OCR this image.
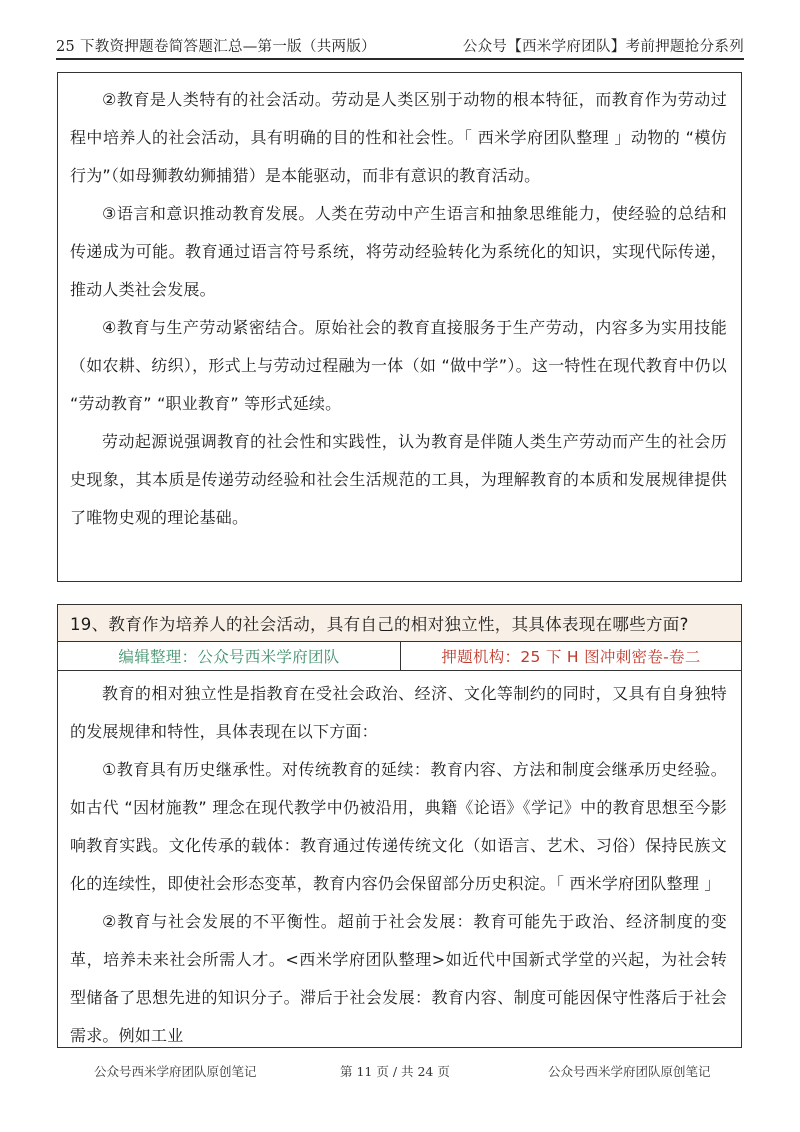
25 下教资押题卷简答题汇总—第一版（共两版）	公众号【西米学府团队】考前押题抢分系列

②教育是人类特有的社会活动。劳动是人类区别于动物的根本特征，而教育作为劳动过程中培养人的社会活动，具有明确的目的性和社会性。「 西米学府团队整理 」动物的 “模仿行为”（如母狮教幼狮捕猎）是本能驱动，而非有意识的教育活动。

③语言和意识推动教育发展。人类在劳动中产生语言和抽象思维能力，使经验的总结和传递成为可能。教育通过语言符号系统，将劳动经验转化为系统化的知识，实现代际传递，推动人类社会发展。

④教育与生产劳动紧密结合。原始社会的教育直接服务于生产劳动，内容多为实用技能（如农耕、纺织），形式上与劳动过程融为一体（如 “做中学”）。这一特性在现代教育中仍以 “劳动教育” “职业教育” 等形式延续。

劳动起源说强调教育的社会性和实践性，认为教育是伴随人类生产劳动而产生的社会历史现象，其本质是传递劳动经验和社会生活规范的工具，为理解教育的本质和发展规律提供了唯物史观的理论基础。

19、教育作为培养人的社会活动，具有自己的相对独立性，其具体表现在哪些方面?
编辑整理：公众号西米学府团队	押题机构：25 下 H 图冲刺密卷-卷二

教育的相对独立性是指教育在受社会政治、经济、文化等制约的同时，又具有自身独特的发展规律和特性，具体表现在以下方面：

①教育具有历史继承性。对传统教育的延续：教育内容、方法和制度会继承历史经验。如古代 “因材施教” 理念在现代教学中仍被沿用，典籍《论语》《学记》中的教育思想至今影响教育实践。文化传承的载体：教育通过传递传统文化（如语言、艺术、习俗）保持民族文化的连续性，即使社会形态变革，教育内容仍会保留部分历史积淀。「 西米学府团队整理 」

②教育与社会发展的不平衡性。超前于社会发展：教育可能先于政治、经济制度的变革，培养未来社会所需人才。<西米学府团队整理>如近代中国新式学堂的兴起，为社会转型储备了思想先进的知识分子。滞后于社会发展：教育内容、制度可能因保守性落后于社会需求。例如工业

公众号西米学府团队原创笔记	第 11 页 / 共 24 页	公众号西米学府团队原创笔记
